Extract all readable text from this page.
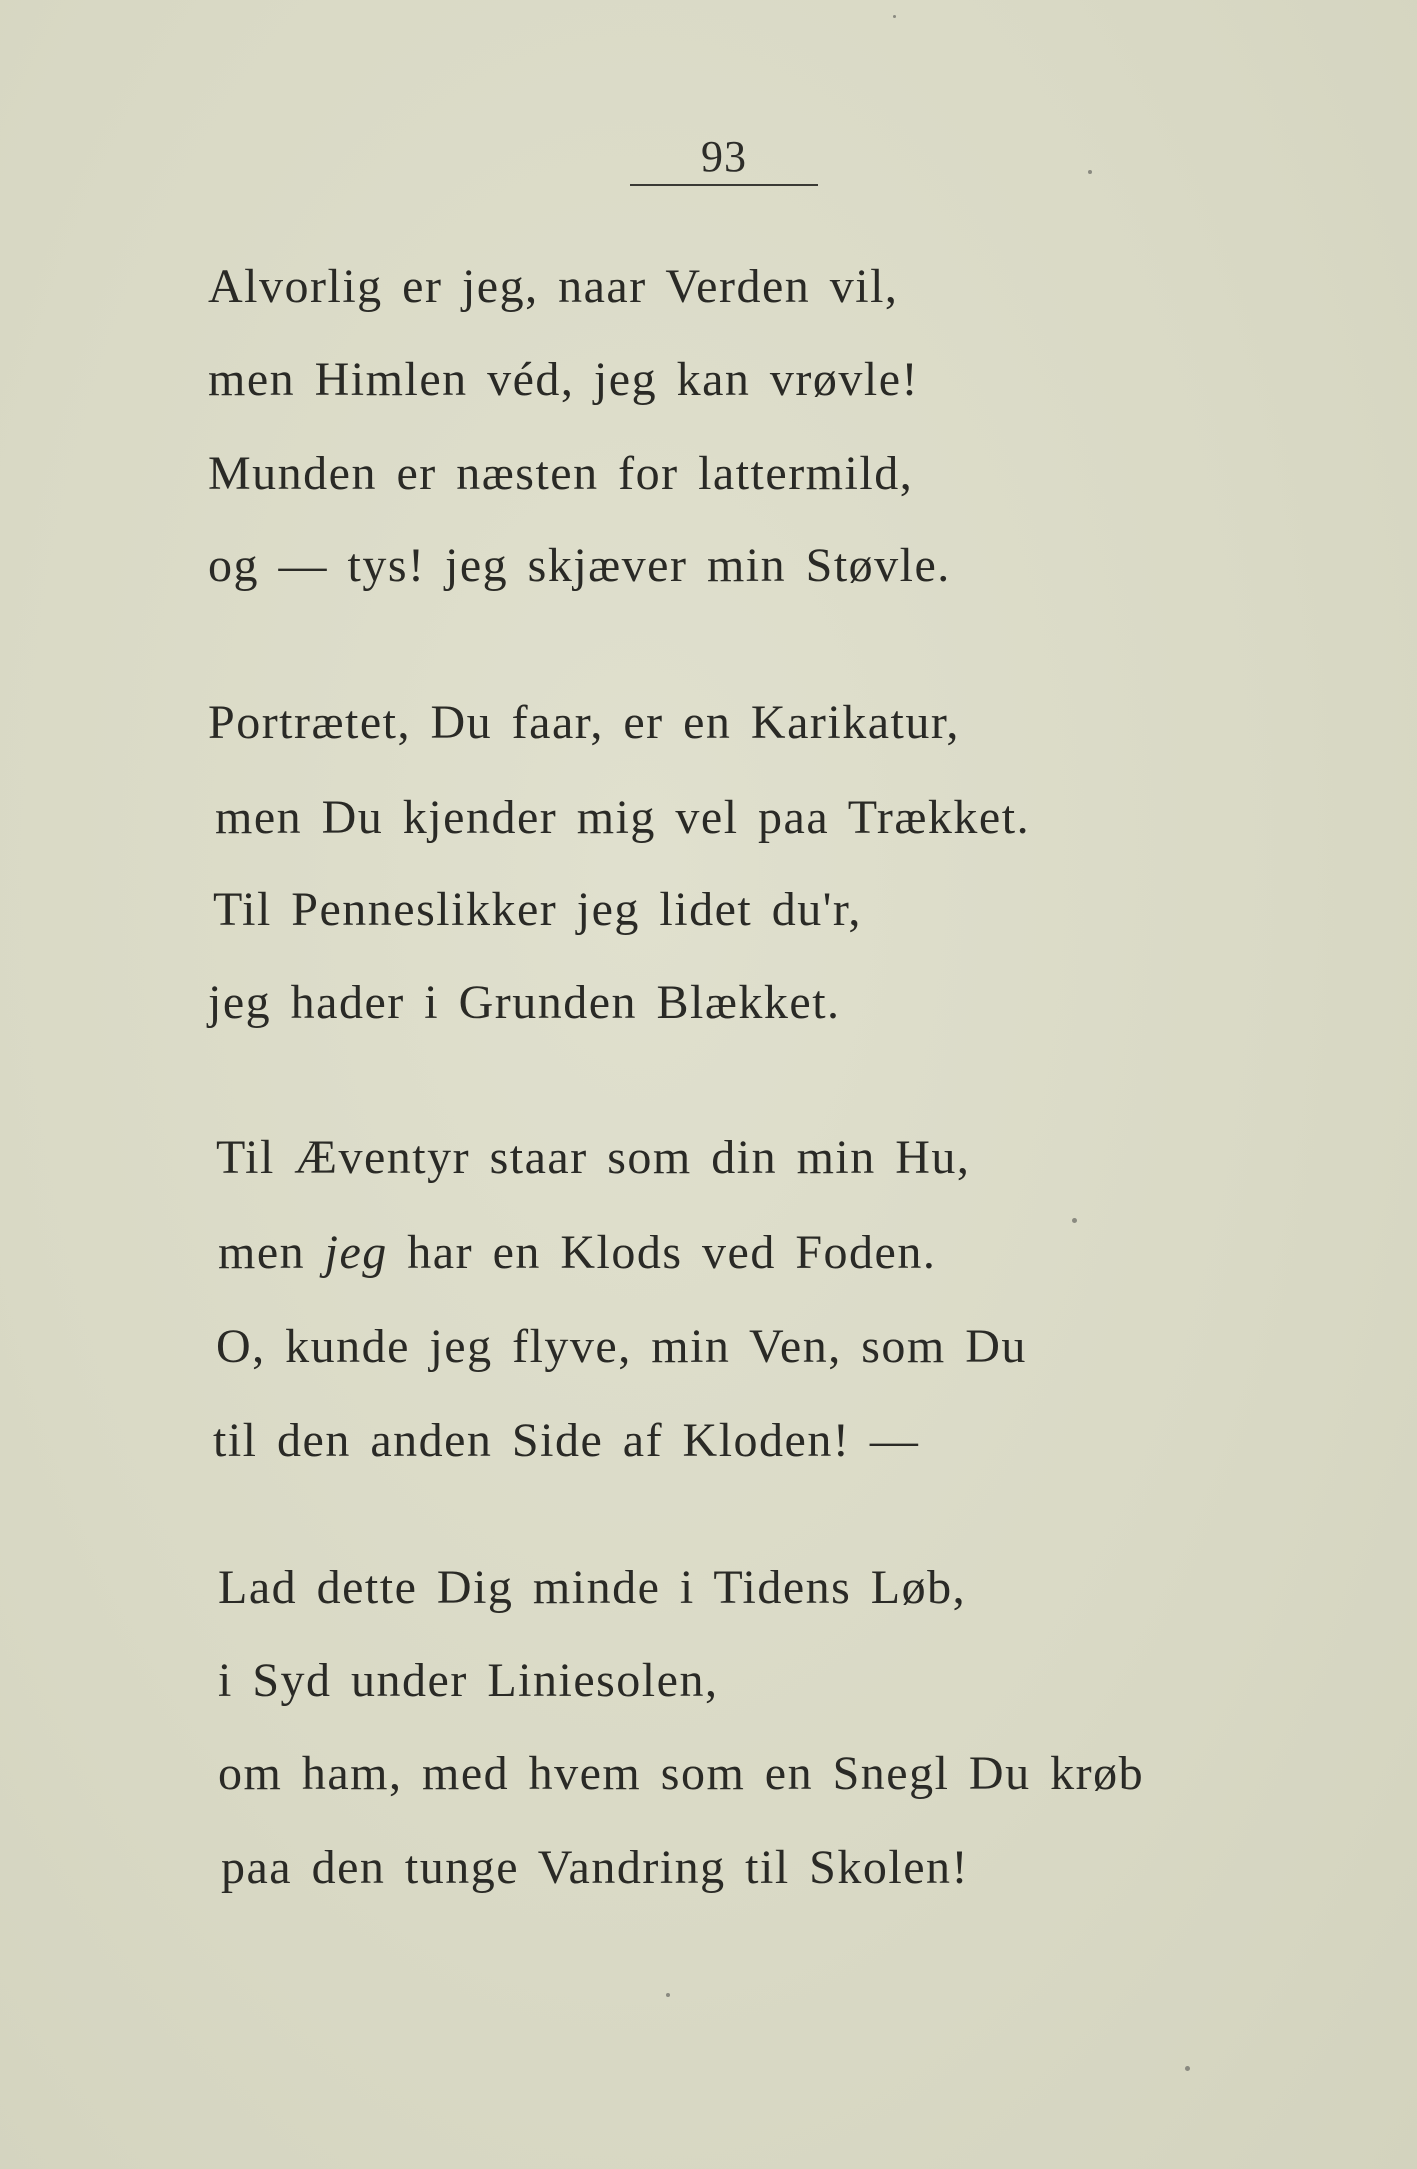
93
Alvorlig er jeg, naar Verden vil,
men Himlen véd, jeg kan vrøvle!
Munden er næsten for lattermild,
og — tys! jeg skjæver min Støvle.
Portrætet, Du faar, er en Karikatur,
men Du kjender mig vel paa Trækket.
Til Penneslikker jeg lidet du'r,
jeg hader i Grunden Blækket.
Til Æventyr staar som din min Hu,
men jeg har en Klods ved Foden.
O, kunde jeg flyve, min Ven, som Du
til den anden Side af Kloden! —
Lad dette Dig minde i Tidens Løb,
i Syd under Liniesolen,
om ham, med hvem som en Snegl Du krøb
paa den tunge Vandring til Skolen!
